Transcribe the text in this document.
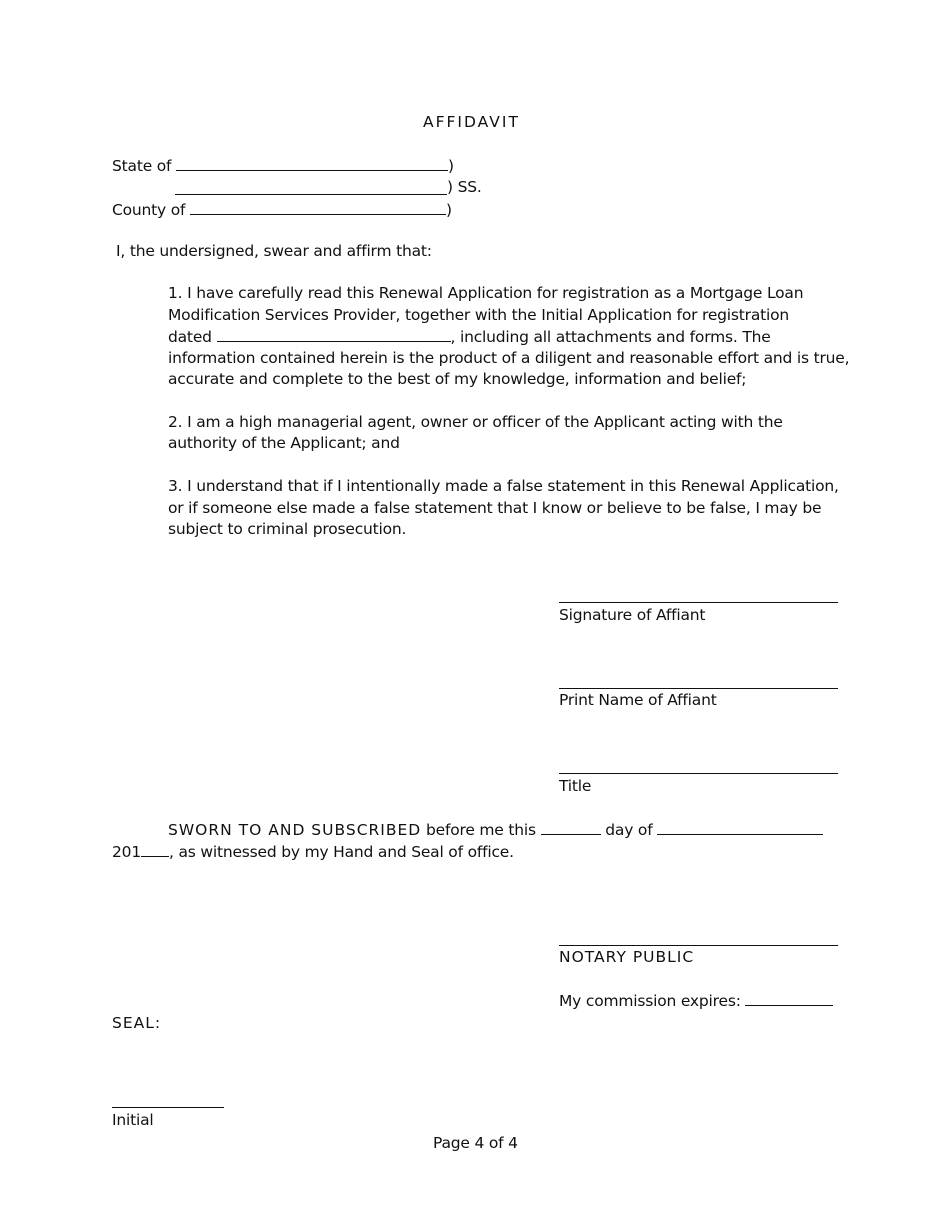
AFFIDAVIT
State of	)
) SS.
County of	)
I, the undersigned, swear and affirm that:
1. I have carefully read this Renewal Application for registration as a Mortgage Loan
Modification Services Provider, together with the Initial Application for registration
dated	, including all attachments and forms. The
information contained herein is the product of a diligent and reasonable effort and is true,
accurate and complete to the best of my knowledge, information and belief;
2. I am a high managerial agent, owner or officer of the Applicant acting with the
authority of the Applicant; and
3. I understand that if I intentionally made a false statement in this Renewal Application,
or if someone else made a false statement that I know or believe to be false, I may be
subject to criminal prosecution.
Signature of Affiant
Print Name of Affiant
Title
SWORN TO AND SUBSCRIBED before me this	day of
201 , as witnessed by my Hand and Seal of office.
NOTARY PUBLIC
My commission expires:
SEAL:
Initial
Page 4 of 4
